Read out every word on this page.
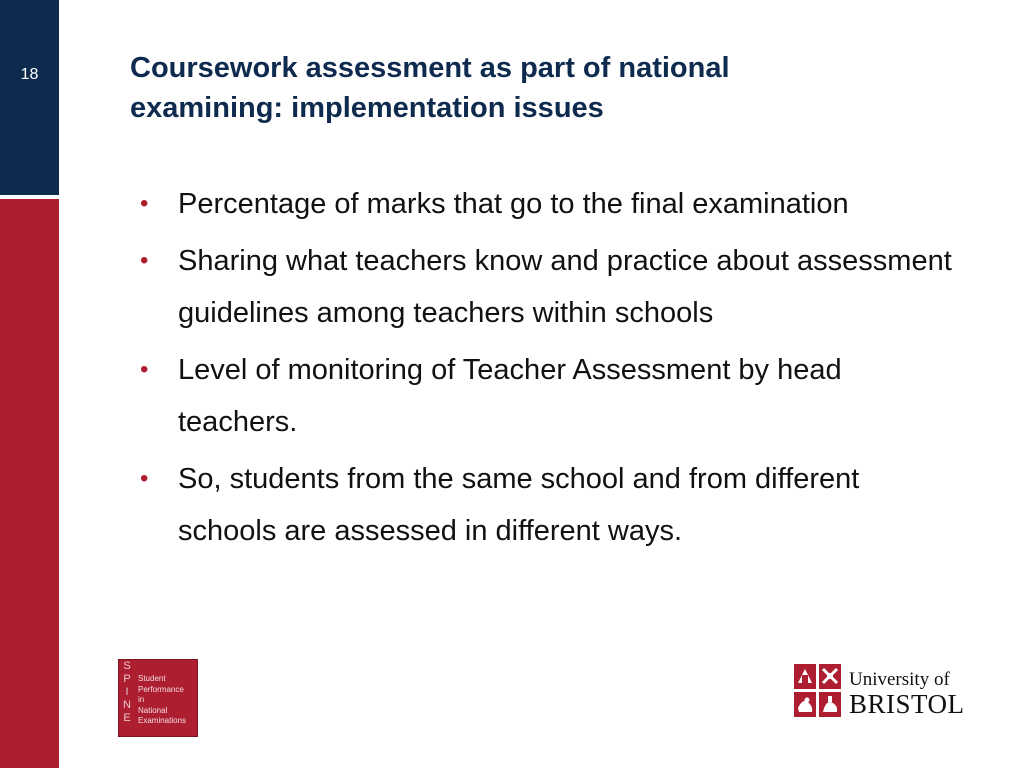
18	Coursework assessment as part of national
examining: implementation issues
• Percentage of marks that go to the final examination
• Sharing what teachers know and practice about assessment guidelines among teachers within schools
• Level of monitoring of Teacher Assessment by head teachers.
• So, students from the same school and from different schools are assessed in different ways.
S
P
I
N
E
Student
Performance
in
National
Examinations
University of
BRISTOL
